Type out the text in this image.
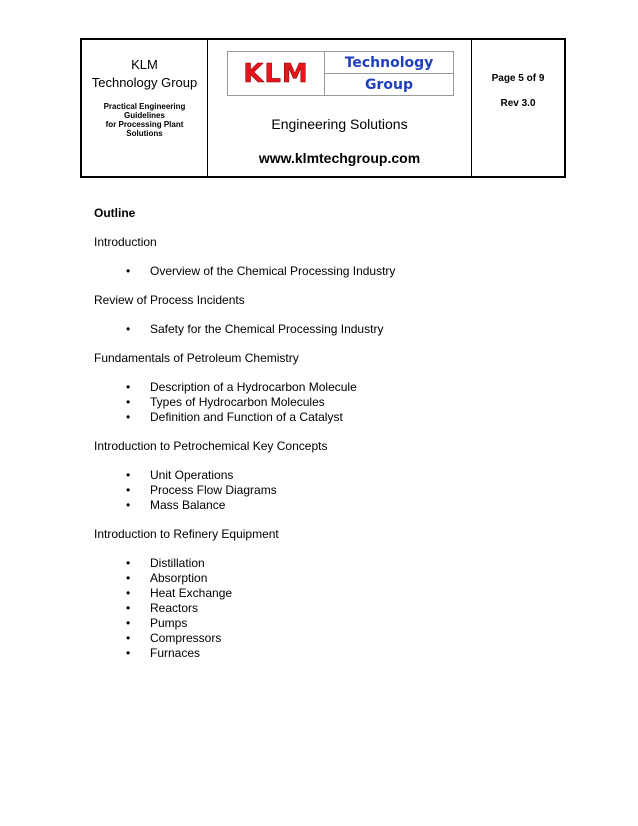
KLM
Technology Group
Practical Engineering
Guidelines
for Processing Plant
Solutions
KLM	Technology
Group
Engineering Solutions
www.klmtechgroup.com
Page 5 of 9
Rev 3.0
Outline
Introduction
• Overview of the Chemical Processing Industry
Review of Process Incidents
• Safety for the Chemical Processing Industry
Fundamentals of Petroleum Chemistry
• Description of a Hydrocarbon Molecule
• Types of Hydrocarbon Molecules
• Definition and Function of a Catalyst
Introduction to Petrochemical Key Concepts
• Unit Operations
• Process Flow Diagrams
• Mass Balance
Introduction to Refinery Equipment
• Distillation
• Absorption
• Heat Exchange
• Reactors
• Pumps
• Compressors
• Furnaces
